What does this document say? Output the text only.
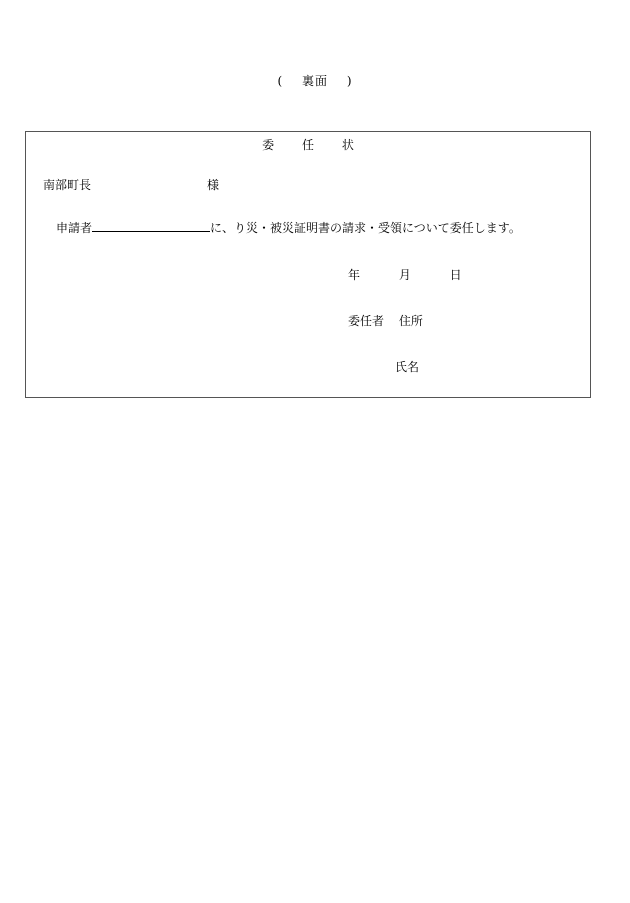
( 裏面 )
委 任 状
南部町長	様
申請者	に、り災・被災証明書の請求・受領について委任します。
年	月	日
委任者 住所
氏名
